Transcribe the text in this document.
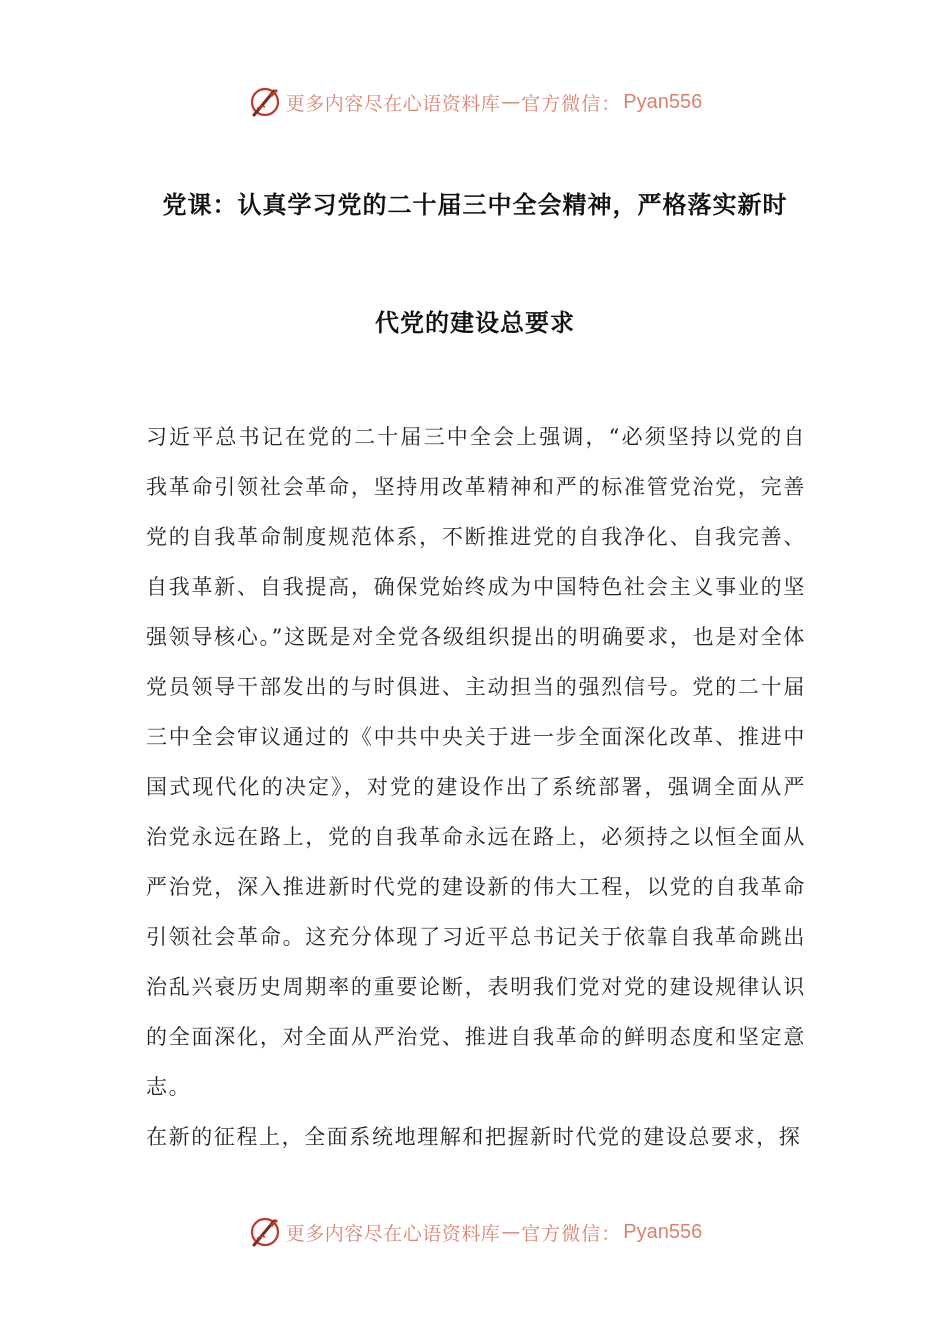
更多内容尽在心语资料库 — 官方微信： Pyan556
党课：认真学习党的二十届三中全会精神，严格落实新时
代党的建设总要求

习近平总书记在党的二十届三中全会上强调，“必须坚持以党的自我革命引领社会革命，坚持用改革精神和严的标准管党治党，完善党的自我革命制度规范体系，不断推进党的自我净化、自我完善、自我革新、自我提高，确保党始终成为中国特色社会主义事业的坚强领导核心。”这既是对全党各级组织提出的明确要求，也是对全体党员领导干部发出的与时俱进、主动担当的强烈信号。党的二十届三中全会审议通过的《中共中央关于进一步全面深化改革、推进中国式现代化的决定》，对党的建设作出了系统部署，强调全面从严治党永远在路上，党的自我革命永远在路上，必须持之以恒全面从严治党，深入推进新时代党的建设新的伟大工程，以党的自我革命引领社会革命。这充分体现了习近平总书记关于依靠自我革命跳出治乱兴衰历史周期率的重要论断，表明我们党对党的建设规律认识的全面深化，对全面从严治党、推进自我革命的鲜明态度和坚定意志。

在新的征程上，全面系统地理解和把握新时代党的建设总要求，探

更多内容尽在心语资料库 — 官方微信： Pyan556
